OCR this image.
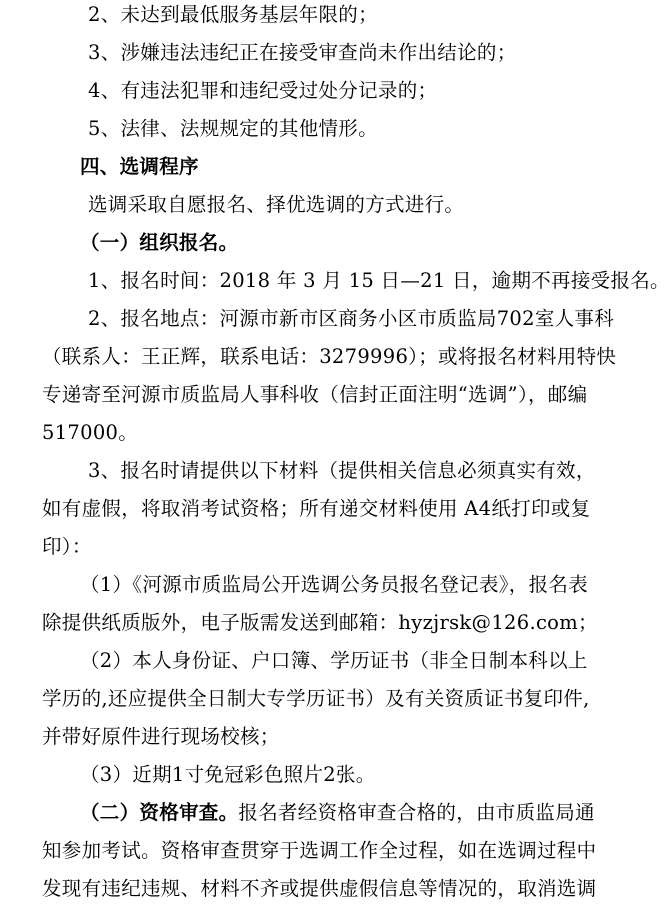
2、未达到最低服务基层年限的；
3、涉嫌违法违纪正在接受审查尚未作出结论的；
4、有违法犯罪和违纪受过处分记录的；
5、法律、法规规定的其他情形。
四、选调程序
选调采取自愿报名、择优选调的方式进行。
（一）组织报名。
1、报名时间：2018 年 3 月 15 日—21 日，逾期不再接受报名。
2、报名地点：河源市新市区商务小区市质监局702室人事科
（联系人：王正辉，联系电话：3279996）；或将报名材料用特快
专递寄至河源市质监局人事科收（信封正面注明“选调”），邮编
517000。
3、报名时请提供以下材料（提供相关信息必须真实有效，
如有虚假，将取消考试资格；所有递交材料使用 A4纸打印或复
印）：
（1）《河源市质监局公开选调公务员报名登记表》，报名表
除提供纸质版外，电子版需发送到邮箱：hyzjrsk@126.com；
（2）本人身份证、户口簿、学历证书（非全日制本科以上
学历的,还应提供全日制大专学历证书）及有关资质证书复印件,
并带好原件进行现场校核；
（3）近期1寸免冠彩色照片2张。
（二）资格审查。报名者经资格审查合格的，由市质监局通
知参加考试。资格审查贯穿于选调工作全过程，如在选调过程中
发现有违纪违规、材料不齐或提供虚假信息等情况的，取消选调
